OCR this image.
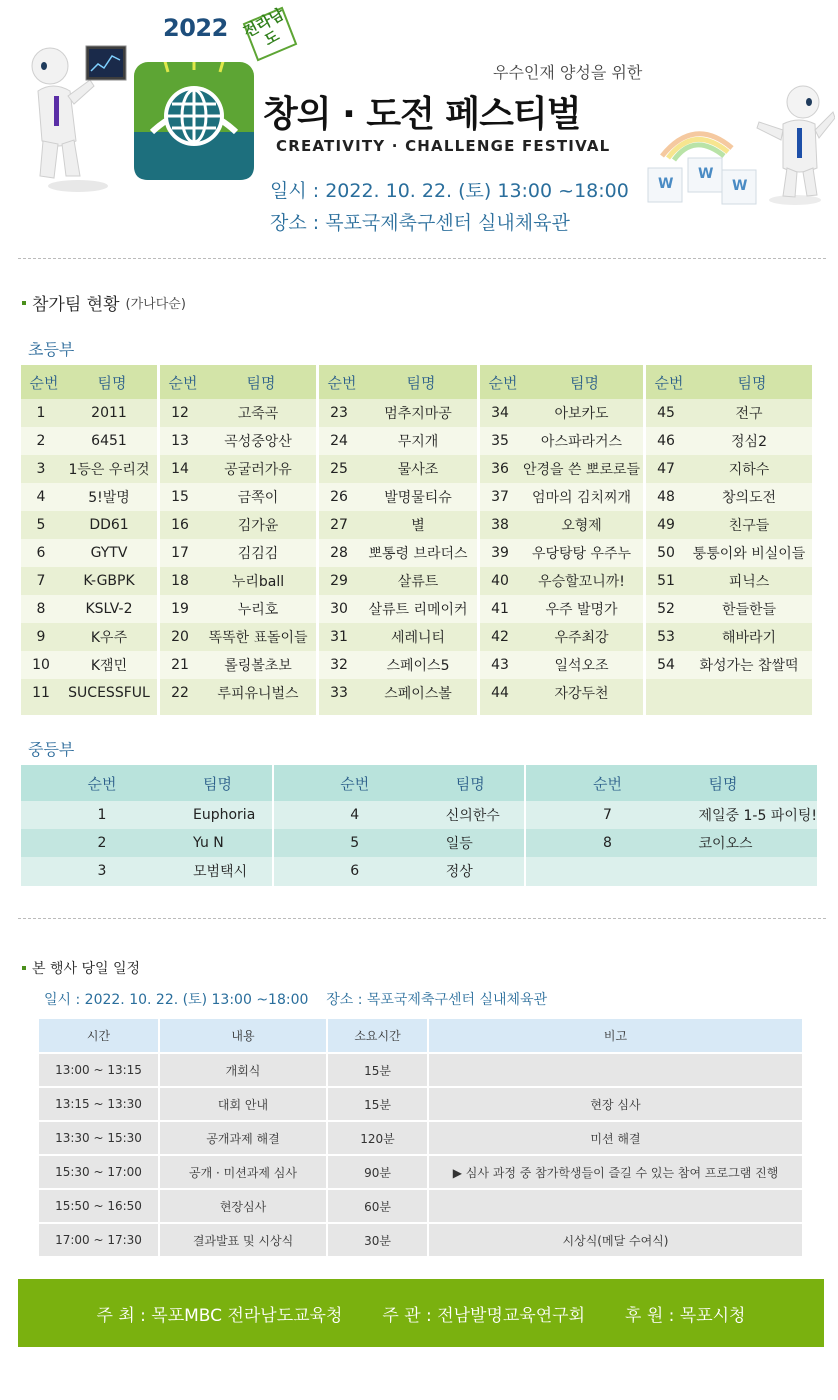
W
W
W
2022 전라남도
우수인재 양성을 위한
창의 · 도전 페스티벌
CREATIVITY · CHALLENGE FESTIVAL
일시 : 2022. 10. 22. (토) 13:00 ~18:00
장소 : 목포국제축구센터 실내체육관
참가팀 현황 (가나다순)
초등부
순번	팀명
1	2011
2	6451
3	1등은 우리것
4	5!발명
5	DD61
6	GYTV
7	K-GBPK
8	KSLV-2
9	K우주
10	K잼민
11	SUCESSFUL
순번	팀명
12	고죽곡
13	곡성중앙산
14	공굴러가유
15	금쪽이
16	김가윤
17	김김김
18	누리ball
19	누리호
20	똑똑한 표돌이들
21	롤링볼초보
22	루피유니벌스
순번	팀명
23	멈추지마공
24	무지개
25	물사조
26	발명물티슈
27	별
28	뽀통령 브라더스
29	살류트
30	살류트 리메이커
31	세레니티
32	스페이스5
33	스페이스볼
순번	팀명
34	아보카도
35	아스파라거스
36	안경을 쓴 뽀로로들
37	엄마의 김치찌개
38	오형제
39	우당탕탕 우주누
40	우승할꼬니까!
41	우주 발명가
42	우주최강
43	일석오조
44	자강두천
순번	팀명
45	전구
46	정심2
47	지하수
48	창의도전
49	친구들
50	퉁퉁이와 비실이들
51	피닉스
52	한들한들
53	해바라기
54	화성가는 찹쌀떡
중등부
순번	팀명
1	Euphoria
2	Yu N
3	모범택시
순번	팀명
4	신의한수
5	일등
6	정상
순번	팀명
7	제일중 1-5 파이팅!
8	코이오스
본 행사 당일 일정
일시 : 2022. 10. 22. (토) 13:00 ~18:00    장소 : 목포국제축구센터 실내체육관
시간	내용	소요시간	비고
13:00 ~ 13:15	개회식	15분	
13:15 ~ 13:30	대회 안내	15분	현장 심사
13:30 ~ 15:30	공개과제 해결	120분	미션 해결
15:30 ~ 17:00	공개 · 미션과제 심사	90분	▶ 심사 과정 중 참가학생들이 즐길 수 있는 참여 프로그램 진행
15:50 ~ 16:50	현장심사	60분	
17:00 ~ 17:30	결과발표 및 시상식	30분	시상식(메달 수여식)
주 최 : 목포MBC 전라남도교육청 주 관 : 전남발명교육연구회 후 원 : 목포시청
